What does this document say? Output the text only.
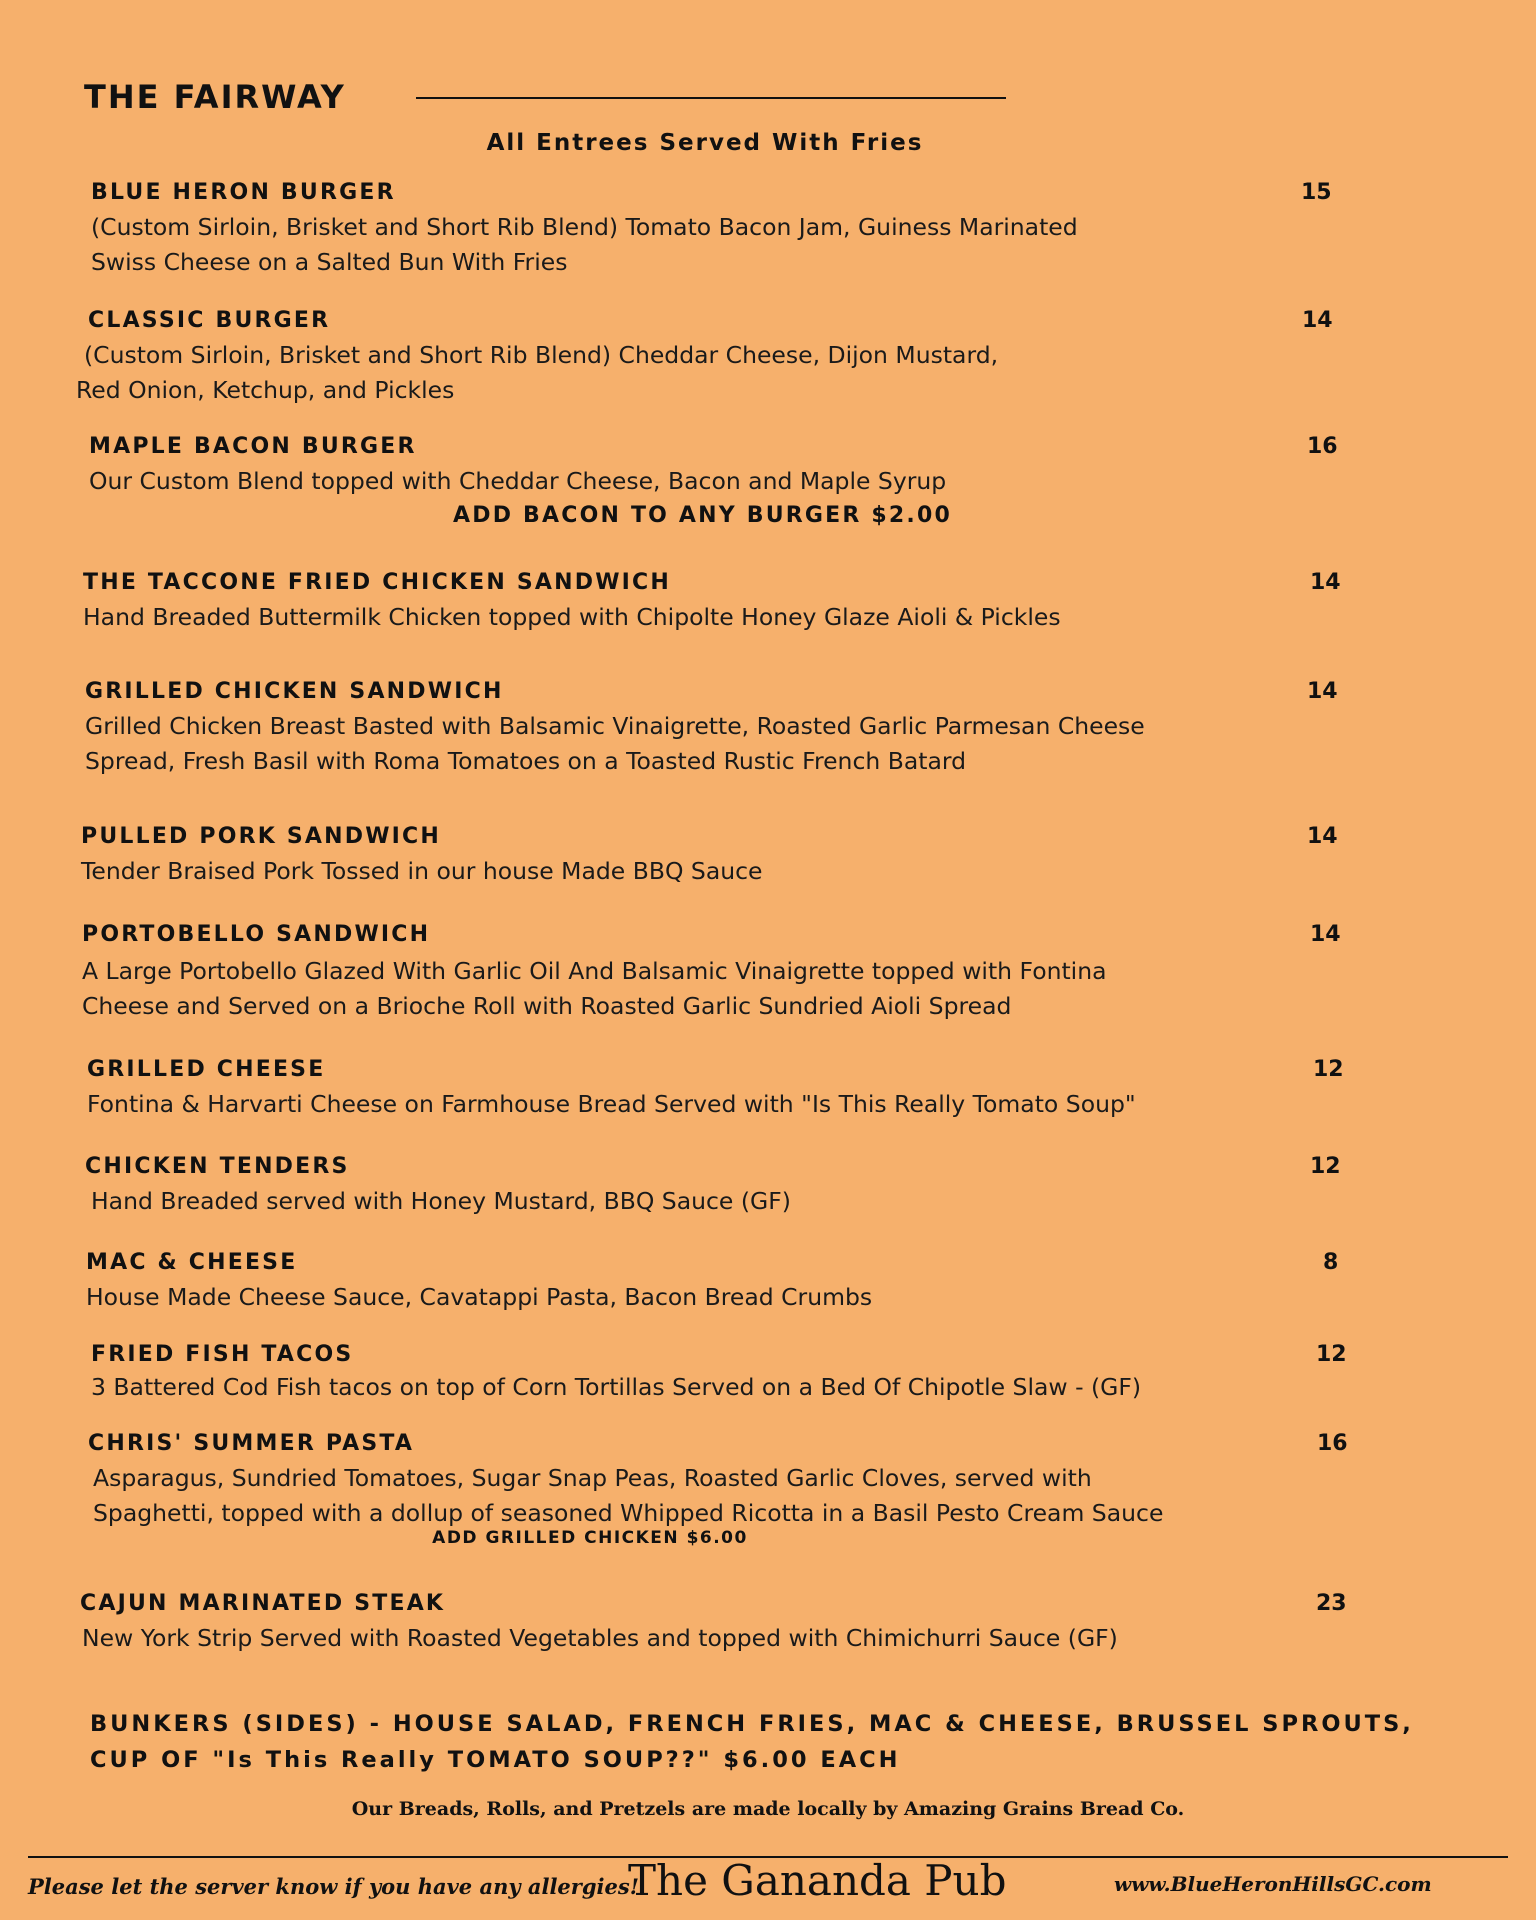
THE FAIRWAY
All Entrees Served With Fries
BLUE HERON BURGER	15
(Custom Sirloin, Brisket and Short Rib Blend) Tomato Bacon Jam, Guiness Marinated
Swiss Cheese on a Salted Bun With Fries
CLASSIC BURGER	14
(Custom Sirloin, Brisket and Short Rib Blend) Cheddar Cheese, Dijon Mustard,
Red Onion, Ketchup, and Pickles
MAPLE BACON BURGER	16
Our Custom Blend topped with Cheddar Cheese, Bacon and Maple Syrup
ADD BACON TO ANY BURGER $2.00
THE TACCONE FRIED CHICKEN SANDWICH	14
Hand Breaded Buttermilk Chicken topped with Chipolte Honey Glaze Aioli & Pickles
GRILLED CHICKEN SANDWICH	14
Grilled Chicken Breast Basted with Balsamic Vinaigrette, Roasted Garlic Parmesan Cheese
Spread, Fresh Basil with Roma Tomatoes on a Toasted Rustic French Batard
PULLED PORK SANDWICH	14
Tender Braised Pork Tossed in our house Made BBQ Sauce
PORTOBELLO SANDWICH	14
A Large Portobello Glazed With Garlic Oil And Balsamic Vinaigrette topped with Fontina
Cheese and Served on a Brioche Roll with Roasted Garlic Sundried Aioli Spread
GRILLED CHEESE	12
Fontina & Harvarti Cheese on Farmhouse Bread Served with "Is This Really Tomato Soup"
CHICKEN TENDERS	12
Hand Breaded served with Honey Mustard, BBQ Sauce (GF)
MAC & CHEESE	8
House Made Cheese Sauce, Cavatappi Pasta, Bacon Bread Crumbs
FRIED FISH TACOS	12
3 Battered Cod Fish tacos on top of Corn Tortillas Served on a Bed Of Chipotle Slaw - (GF)
CHRIS' SUMMER PASTA	16
Asparagus, Sundried Tomatoes, Sugar Snap Peas, Roasted Garlic Cloves, served with
Spaghetti, topped with a dollup of seasoned Whipped Ricotta in a Basil Pesto Cream Sauce
ADD GRILLED CHICKEN $6.00
CAJUN MARINATED STEAK	23
New York Strip Served with Roasted Vegetables and topped with Chimichurri Sauce (GF)
BUNKERS (SIDES) - HOUSE SALAD, FRENCH FRIES, MAC & CHEESE, BRUSSEL SPROUTS,
CUP OF "Is This Really TOMATO SOUP??" $6.00 EACH
Our Breads, Rolls, and Pretzels are made locally by Amazing Grains Bread Co.
Please let the server know if you have any allergies!
The Gananda Pub	www.BlueHeronHillsGC.com
